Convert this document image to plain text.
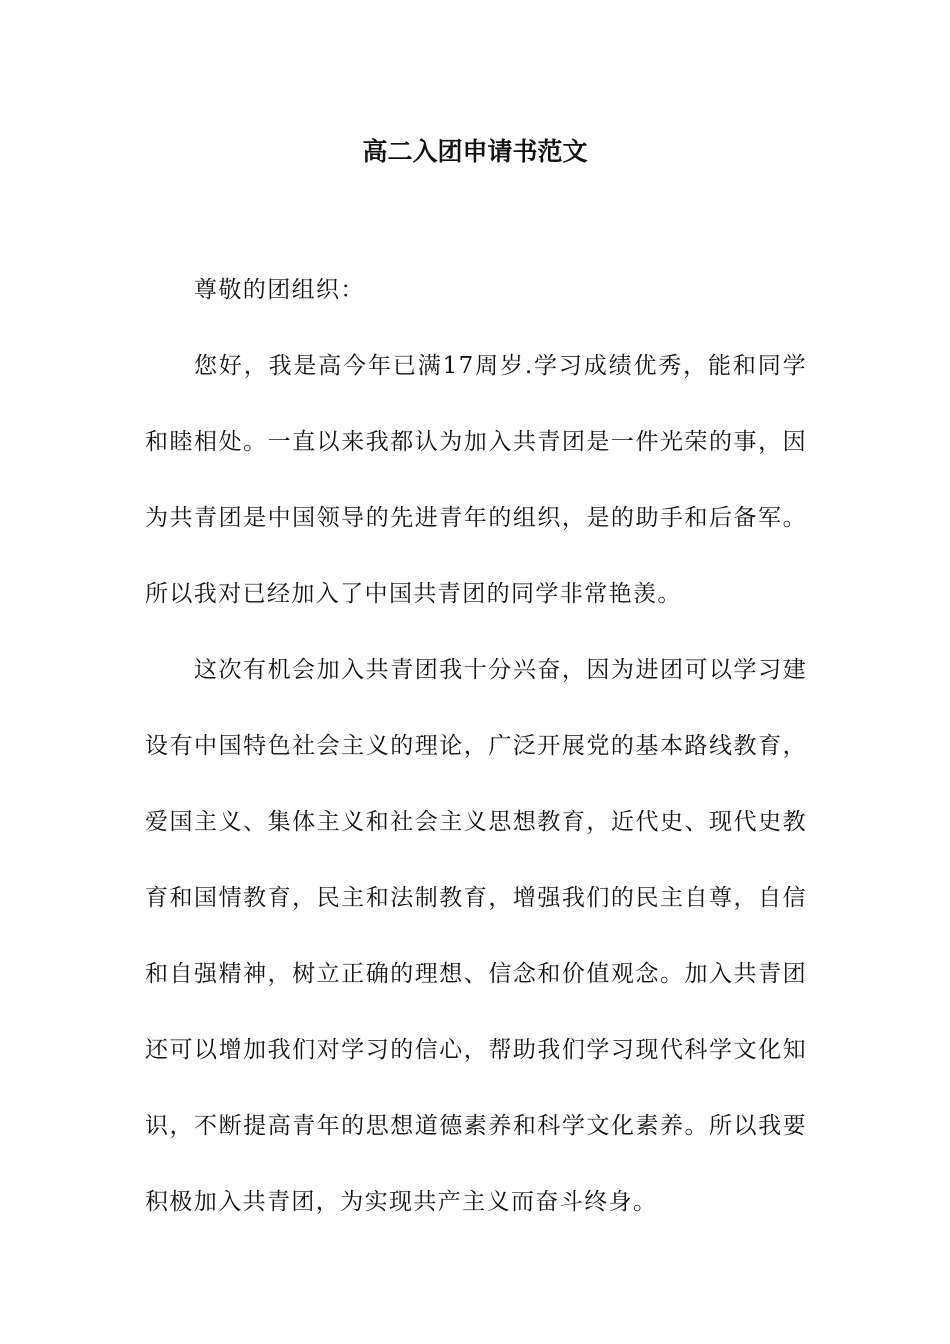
高二入团申请书范文

尊敬的团组织：

您好，我是高今年已满17周岁.学习成绩优秀，能和同学和睦相处。一直以来我都认为加入共青团是一件光荣的事，因为共青团是中国领导的先进青年的组织，是的助手和后备军。所以我对已经加入了中国共青团的同学非常艳羡。

这次有机会加入共青团我十分兴奋，因为进团可以学习建设有中国特色社会主义的理论，广泛开展党的基本路线教育，爱国主义、集体主义和社会主义思想教育，近代史、现代史教育和国情教育，民主和法制教育，增强我们的民主自尊，自信和自强精神，树立正确的理想、信念和价值观念。加入共青团还可以增加我们对学习的信心，帮助我们学习现代科学文化知识，不断提高青年的思想道德素养和科学文化素养。所以我要积极加入共青团，为实现共产主义而奋斗终身。
